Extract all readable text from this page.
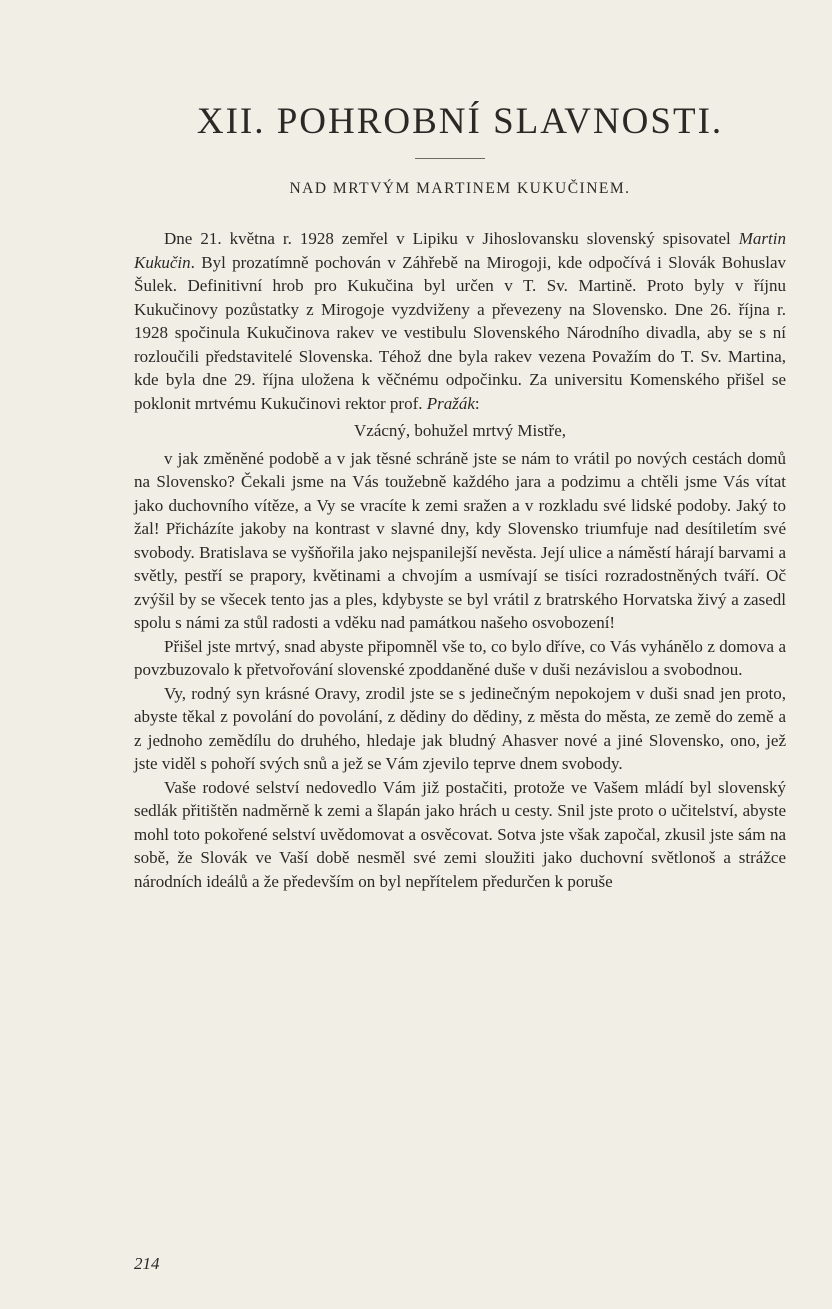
XII. POHROBNÍ SLAVNOSTI.
NAD MRTVÝM MARTINEM KUKUČINEM.

Dne 21. května r. 1928 zemřel v Lipiku v Jihoslovansku slovenský spisovatel Martin Kukučin. Byl prozatímně pochován v Záhřebě na Mirogoji, kde odpočívá i Slovák Bohuslav Šulek. Definitivní hrob pro Kukučina byl určen v T. Sv. Martině. Proto byly v říjnu Kukučinovy pozůstatky z Mirogoje vyzdviženy a převezeny na Slovensko. Dne 26. října r. 1928 spočinula Kukučinova rakev ve vestibulu Slovenského Národního divadla, aby se s ní rozloučili představitelé Slovenska. Téhož dne byla rakev vezena Považím do T. Sv. Martina, kde byla dne 29. října uložena k věčnému odpočinku. Za universitu Komenského přišel se poklonit mrtvému Kukučinovi rektor prof. Pražák:

Vzácný, bohužel mrtvý Mistře,

v jak změněné podobě a v jak těsné schráně jste se nám to vrátil po nových cestách domů na Slovensko? Čekali jsme na Vás toužebně každého jara a podzimu a chtěli jsme Vás vítat jako duchovního vítěze, a Vy se vracíte k zemi sražen a v rozkladu své lidské podoby. Jaký to žal! Přicházíte jakoby na kontrast v slavné dny, kdy Slovensko triumfuje nad desítiletím své svobody. Bratislava se vyšňořila jako nejspanilejší nevěsta. Její ulice a náměstí hárají barvami a světly, pestří se prapory, květinami a chvojím a usmívají se tisíci rozradostněných tváří. Oč zvýšil by se všecek tento jas a ples, kdybyste se byl vrátil z bratrského Horvatska živý a zasedl spolu s námi za stůl radosti a vděku nad památkou našeho osvobození!

Přišel jste mrtvý, snad abyste připomněl vše to, co bylo dříve, co Vás vyhánělo z domova a povzbuzovalo k přetvořování slovenské zpoddaněné duše v duši nezávislou a svobodnou.

Vy, rodný syn krásné Oravy, zrodil jste se s jedinečným nepokojem v duši snad jen proto, abyste těkal z povolání do povolání, z dědiny do dědiny, z města do města, ze země do země a z jednoho zemědílu do druhého, hledaje jak bludný Ahasver nové a jiné Slovensko, ono, jež jste viděl s pohoří svých snů a jež se Vám zjevilo teprve dnem svobody.

Vaše rodové selství nedovedlo Vám již postačiti, protože ve Vašem mládí byl slovenský sedlák přitištěn nadměrně k zemi a šlapán jako hrách u cesty. Snil jste proto o učitelství, abyste mohl toto pokořené selství uvědomovat a osvěcovat. Sotva jste však započal, zkusil jste sám na sobě, že Slovák ve Vaší době nesměl své zemi sloužiti jako duchovní světlonoš a strážce národních ideálů a že především on byl nepřítelem předurčen k poruše

214
